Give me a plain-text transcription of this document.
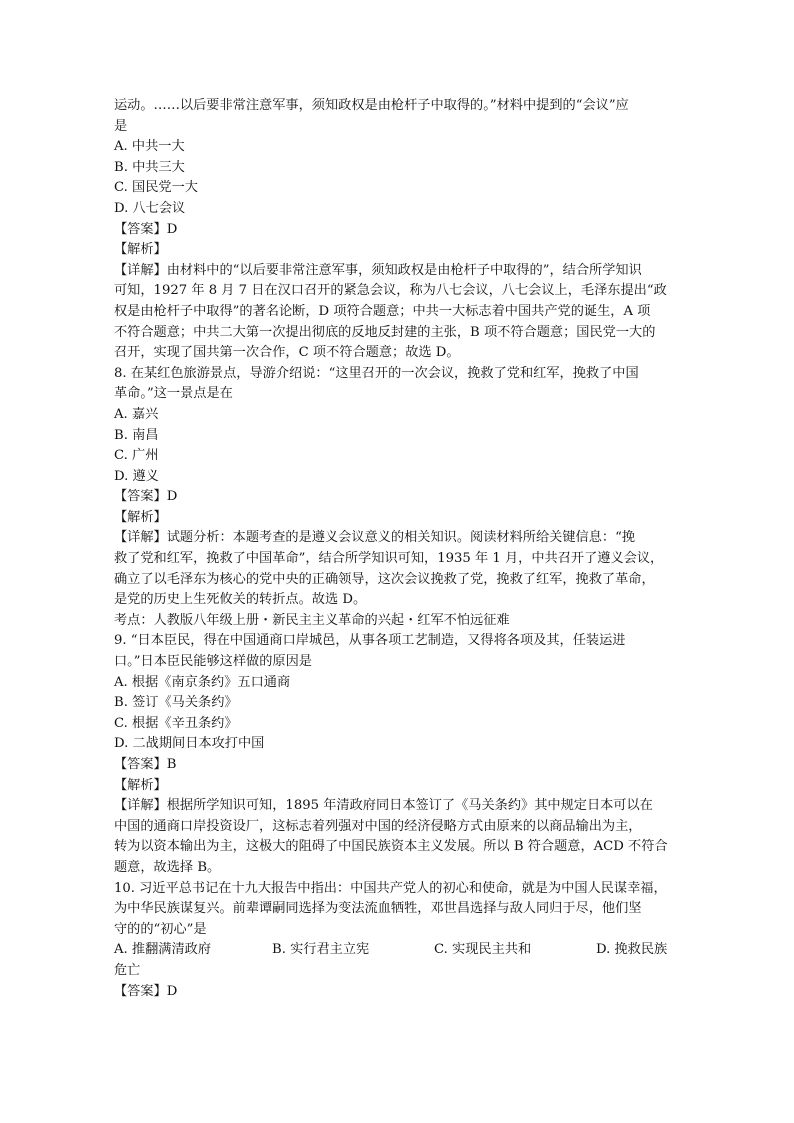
运动。……以后要非常注意军事，须知政权是由枪杆子中取得的。”材料中提到的“会议”应
是
A. 中共一大
B. 中共三大
C. 国民党一大
D. 八七会议
【答案】D
【解析】
【详解】由材料中的“以后要非常注意军事，须知政权是由枪杆子中取得的”，结合所学知识
可知，1927 年 8 月 7 日在汉口召开的紧急会议，称为八七会议，八七会议上，毛泽东提出“政
权是由枪杆子中取得”的著名论断，D 项符合题意；中共一大标志着中国共产党的诞生，A 项
不符合题意；中共二大第一次提出彻底的反地反封建的主张，B 项不符合题意；国民党一大的
召开，实现了国共第一次合作，C 项不符合题意；故选 D。
8. 在某红色旅游景点，导游介绍说：“这里召开的一次会议，挽救了党和红军，挽救了中国
革命。”这一景点是在
A. 嘉兴
B. 南昌
C. 广州
D. 遵义
【答案】D
【解析】
【详解】试题分析：本题考查的是遵义会议意义的相关知识。阅读材料所给关键信息：“挽
救了党和红军，挽救了中国革命”，结合所学知识可知，1935 年 1 月，中共召开了遵义会议，
确立了以毛泽东为核心的党中央的正确领导，这次会议挽救了党，挽救了红军，挽救了革命，
是党的历史上生死攸关的转折点。故选 D。
考点：人教版八年级上册・新民主主义革命的兴起・红军不怕远征难
9. “日本臣民，得在中国通商口岸城邑，从事各项工艺制造，又得将各项及其，任装运进
口。”日本臣民能够这样做的原因是
A. 根据《南京条约》五口通商
B. 签订《马关条约》
C. 根据《辛丑条约》
D. 二战期间日本攻打中国
【答案】B
【解析】
【详解】根据所学知识可知，1895 年清政府同日本签订了《马关条约》其中规定日本可以在
中国的通商口岸投资设厂，这标志着列强对中国的经济侵略方式由原来的以商品输出为主，
转为以资本输出为主，这极大的阻碍了中国民族资本主义发展。所以 B 符合题意，ACD 不符合
题意，故选择 B。
10. 习近平总书记在十九大报告中指出：中国共产党人的初心和使命，就是为中国人民谋幸福，
为中华民族谋复兴。前辈谭嗣同选择为变法流血牺牲，邓世昌选择与敌人同归于尽，他们坚
守的的“初心”是
A. 推翻满清政府	B. 实行君主立宪	C. 实现民主共和	D. 挽救民族
危亡
【答案】D
